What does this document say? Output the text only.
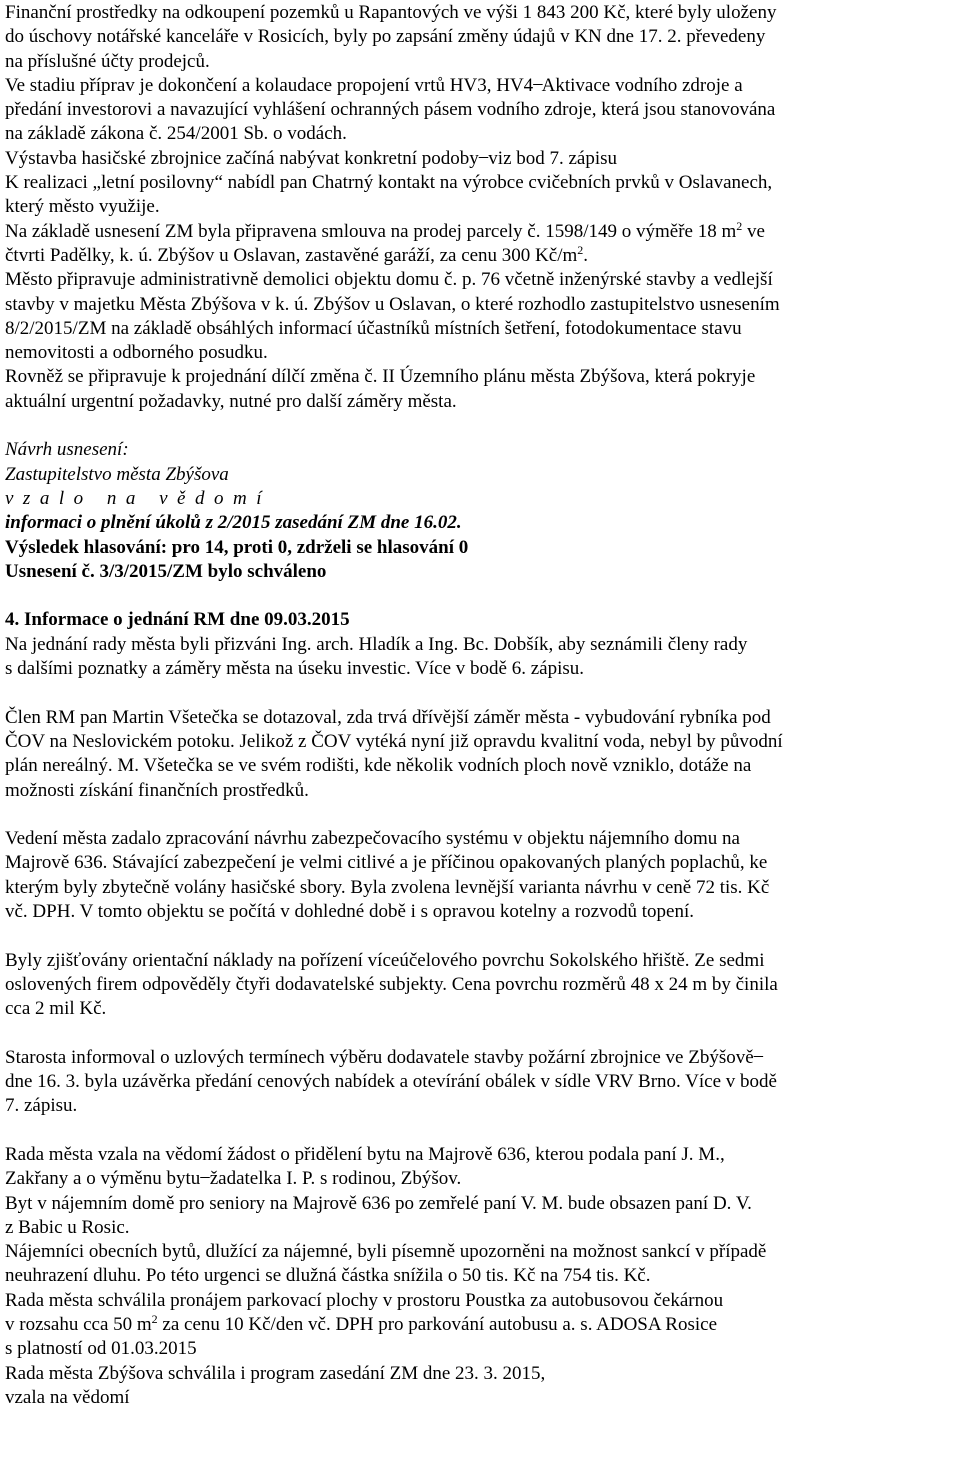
Finanční prostředky na odkoupení pozemků u Rapantových ve výši 1 843 200 Kč, které byly uloženy

do úschovy notářské kanceláře v Rosicích, byly po zapsání změny údajů v KN dne 17. 2. převedeny

na příslušné účty prodejců.

Ve stadiu příprav je dokončení a kolaudace propojení vrtů HV3, HV4 ̶ Aktivace vodního zdroje a

předání investorovi a navazující vyhlášení ochranných pásem vodního zdroje, která jsou stanovována

na základě zákona č. 254/2001 Sb. o vodách.

Výstavba hasičské zbrojnice začíná nabývat konkretní podoby ̶ viz bod 7. zápisu

K realizaci „letní posilovny“ nabídl pan Chatrný kontakt na výrobce cvičebních prvků v Oslavanech,

který město využije.

Na základě usnesení ZM byla připravena smlouva na prodej parcely č. 1598/149 o výměře 18 $m^2$ ve

čtvrti Padělky, k. ú. Zbýšov u Oslavan, zastavěné garáží, za cenu 300 $Kč/m^2$.

Město připravuje administrativně demolici objektu domu č. p. 76 včetně inženýrské stavby a vedlejší

stavby v majetku Města Zbýšova v k. ú. Zbýšov u Oslavan, o které rozhodlo zastupitelstvo usnesením

8/2/2015/ZM na základě obsáhlých informací účastníků místních šetření, fotodokumentace stavu

nemovitosti a odborného posudku.

Rovněž se připravuje k projednání dílčí změna č. II Územního plánu města Zbýšova, která pokryje

aktuální urgentní požadavky, nutné pro další záměry města.

Návrh usnesení:

Zastupitelstvo města Zbýšova

vzalo na vědomí

informaci o plnění úkolů z 2/2015 zasedání ZM dne 16.02.

Výsledek hlasování: pro 14, proti 0, zdrželi se hlasování 0

Usnesení č. 3/3/2015/ZM bylo schváleno

4. Informace o jednání RM dne 09.03.2015

Na jednání rady města byli přizváni Ing. arch. Hladík a Ing. Bc. Dobšík, aby seznámili členy rady

s dalšími poznatky a záměry města na úseku investic. Více v bodě 6. zápisu.

Člen RM pan Martin Všetečka se dotazoval, zda trvá dřívější záměr města - vybudování rybníka pod

ČOV na Neslovickém potoku. Jelikož z ČOV vytéká nyní již opravdu kvalitní voda, nebyl by původní

plán nereálný. M. Všetečka se ve svém rodišti, kde několik vodních ploch nově vzniklo, dotáže na

možnosti získání finančních prostředků.

Vedení města zadalo zpracování návrhu zabezpečovacího systému v objektu nájemního domu na

Majrově 636. Stávající zabezpečení je velmi citlivé a je příčinou opakovaných planých poplachů, ke

kterým byly zbytečně volány hasičské sbory. Byla zvolena levnější varianta návrhu v ceně 72 tis. Kč

vč. DPH. V tomto objektu se počítá v dohledné době i s opravou kotelny a rozvodů topení.

Byly zjišťovány orientační náklady na pořízení víceúčelového povrchu Sokolského hřiště. Ze sedmi

oslovených firem odpověděly čtyři dodavatelské subjekty. Cena povrchu rozměrů 48 x 24 m by činila

cca 2 mil Kč.

Starosta informoval o uzlových termínech výběru dodavatele stavby požární zbrojnice ve Zbýšově ̶

dne 16. 3. byla uzávěrka předání cenových nabídek a otevírání obálek v sídle VRV Brno. Více v bodě

7. zápisu.

Rada města vzala na vědomí žádost o přidělení bytu na Majrově 636, kterou podala paní J. M.,

Zakřany a o výměnu bytu ̶ žadatelka I. P. s rodinou, Zbýšov.

Byt v nájemním domě pro seniory na Majrově 636 po zemřelé paní V. M. bude obsazen paní D. V.

z Babic u Rosic.

Nájemníci obecních bytů, dlužící za nájemné, byli písemně upozorněni na možnost sankcí v případě

neuhrazení dluhu. Po této urgenci se dlužná částka snížila o 50 tis. Kč na 754 tis. Kč.

Rada města schválila pronájem parkovací plochy v prostoru Poustka za autobusovou čekárnou

v rozsahu cca 50 $m^2$ za cenu 10 Kč/den vč. DPH pro parkování autobusu a. s. ADOSA Rosice

s platností od 01.03.2015

Rada města Zbýšova schválila i program zasedání ZM dne 23. 3. 2015,

vzala na vědomí
